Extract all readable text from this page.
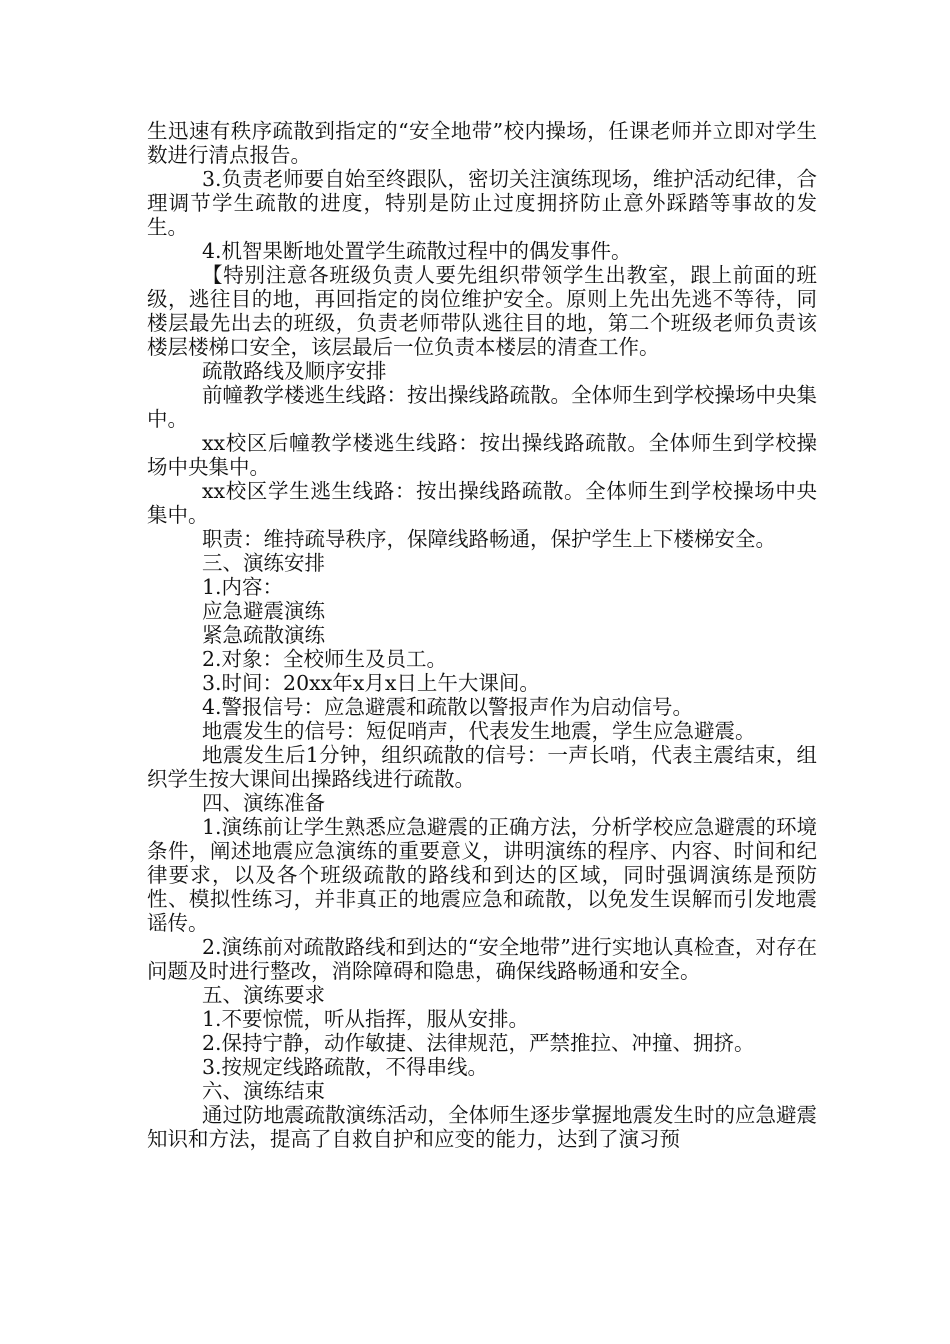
生迅速有秩序疏散到指定的“安全地带”校内操场，任课老师并立即对学生数进行清点报告。

3.负责老师要自始至终跟队，密切关注演练现场，维护活动纪律，合理调节学生疏散的进度，特别是防止过度拥挤防止意外踩踏等事故的发生。

4.机智果断地处置学生疏散过程中的偶发事件。

【特别注意各班级负责人要先组织带领学生出教室，跟上前面的班级，逃往目的地，再回指定的岗位维护安全。原则上先出先逃不等待，同楼层最先出去的班级，负责老师带队逃往目的地，第二个班级老师负责该楼层楼梯口安全，该层最后一位负责本楼层的清查工作。

疏散路线及顺序安排

前幢教学楼逃生线路：按出操线路疏散。全体师生到学校操场中央集中。

xx校区后幢教学楼逃生线路：按出操线路疏散。全体师生到学校操场中央集中。

xx校区学生逃生线路：按出操线路疏散。全体师生到学校操场中央集中。

职责：维持疏导秩序，保障线路畅通，保护学生上下楼梯安全。

三、演练安排

1.内容：

应急避震演练

紧急疏散演练

2.对象：全校师生及员工。

3.时间：20xx年x月x日上午大课间。

4.警报信号：应急避震和疏散以警报声作为启动信号。

地震发生的信号：短促哨声，代表发生地震，学生应急避震。

地震发生后1分钟，组织疏散的信号：一声长哨，代表主震结束，组织学生按大课间出操路线进行疏散。

四、演练准备

1.演练前让学生熟悉应急避震的正确方法，分析学校应急避震的环境条件，阐述地震应急演练的重要意义，讲明演练的程序、内容、时间和纪律要求，以及各个班级疏散的路线和到达的区域，同时强调演练是预防性、模拟性练习，并非真正的地震应急和疏散，以免发生误解而引发地震谣传。

2.演练前对疏散路线和到达的“安全地带”进行实地认真检查，对存在问题及时进行整改，消除障碍和隐患，确保线路畅通和安全。

五、演练要求

1.不要惊慌，听从指挥，服从安排。

2.保持宁静，动作敏捷、法律规范，严禁推拉、冲撞、拥挤。

3.按规定线路疏散，不得串线。

六、演练结束

通过防地震疏散演练活动，全体师生逐步掌握地震发生时的应急避震知识和方法，提高了自救自护和应变的能力，达到了演习预
